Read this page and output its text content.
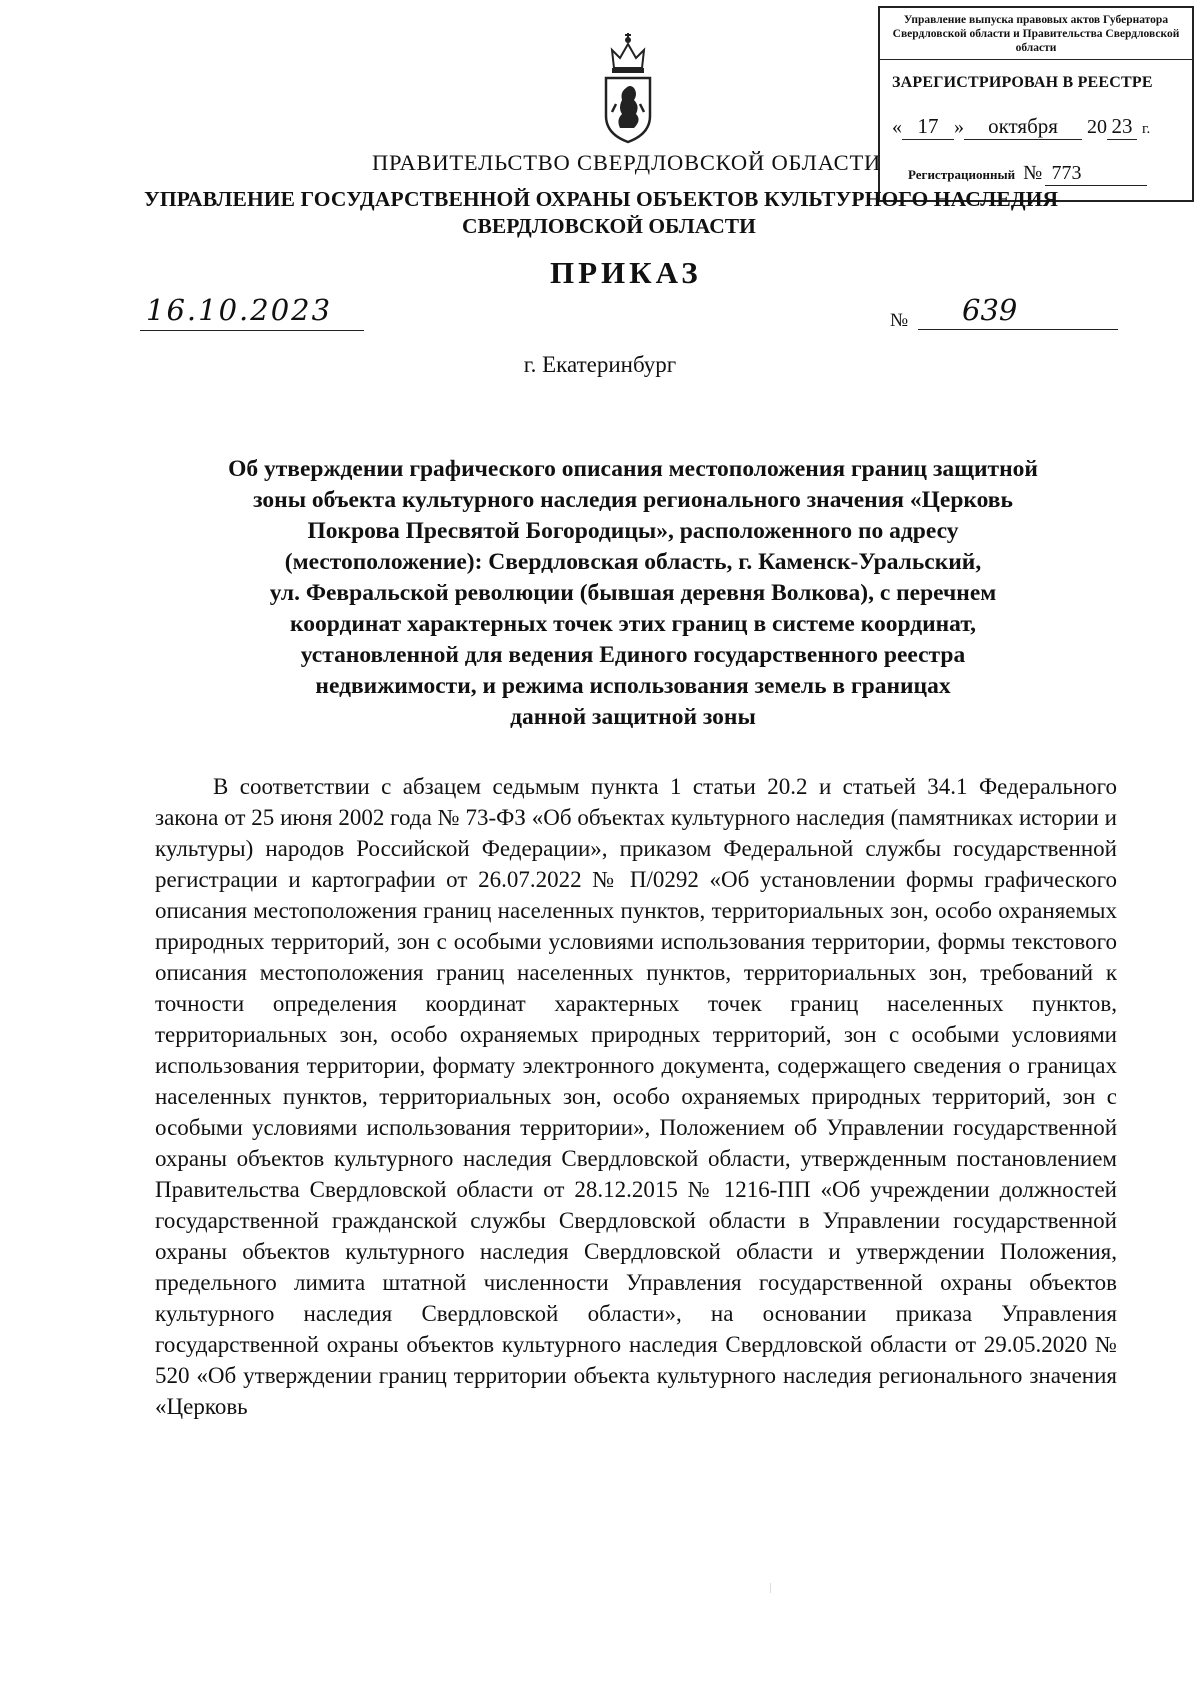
Управление выпуска правовых актов Губернатора Свердловской области и Правительства Свердловской области
ЗАРЕГИСТРИРОВАН В РЕЕСТРЕ
« 17 » октября 20 23 г.
Регистрационный № 773
ПРАВИТЕЛЬСТВО СВЕРДЛОВСКОЙ ОБЛАСТИ
УПРАВЛЕНИЕ ГОСУДАРСТВЕННОЙ ОХРАНЫ ОБЪЕКТОВ КУЛЬТУРНОГО НАСЛЕДИЯ
СВЕРДЛОВСКОЙ ОБЛАСТИ
ПРИКАЗ
16.10.2023	№	639
г. Екатеринбург
Об утверждении графического описания местоположения границ защитной
зоны объекта культурного наследия регионального значения «Церковь
Покрова Пресвятой Богородицы», расположенного по адресу
(местоположение): Свердловская область, г. Каменск-Уральский,
ул. Февральской революции (бывшая деревня Волкова), с перечнем
координат характерных точек этих границ в системе координат,
установленной для ведения Единого государственного реестра
недвижимости, и режима использования земель в границах
данной защитной зоны

В соответствии с абзацем седьмым пункта 1 статьи 20.2 и статьей 34.1 Федерального закона от 25 июня 2002 года № 73-ФЗ «Об объектах культурного наследия (памятниках истории и культуры) народов Российской Федерации», приказом Федеральной службы государственной регистрации и картографии от 26.07.2022 № П/0292 «Об установлении формы графического описания местоположения границ населенных пунктов, территориальных зон, особо охраняемых природных территорий, зон с особыми условиями использования территории, формы текстового описания местоположения границ населенных пунктов, территориальных зон, требований к точности определения координат характерных точек границ населенных пунктов, территориальных зон, особо охраняемых природных территорий, зон с особыми условиями использования территории, формату электронного документа, содержащего сведения о границах населенных пунктов, территориальных зон, особо охраняемых природных территорий, зон с особыми условиями использования территории», Положением об Управлении государственной охраны объектов культурного наследия Свердловской области, утвержденным постановлением Правительства Свердловской области от 28.12.2015 № 1216-ПП «Об учреждении должностей государственной гражданской службы Свердловской области в Управлении государственной охраны объектов культурного наследия Свердловской области и утверждении Положения, предельного лимита штатной численности Управления государственной охраны объектов культурного наследия Свердловской области», на основании приказа Управления государственной охраны объектов культурного наследия Свердловской области от 29.05.2020 № 520 «Об утверждении границ территории объекта культурного наследия регионального значения «Церковь
